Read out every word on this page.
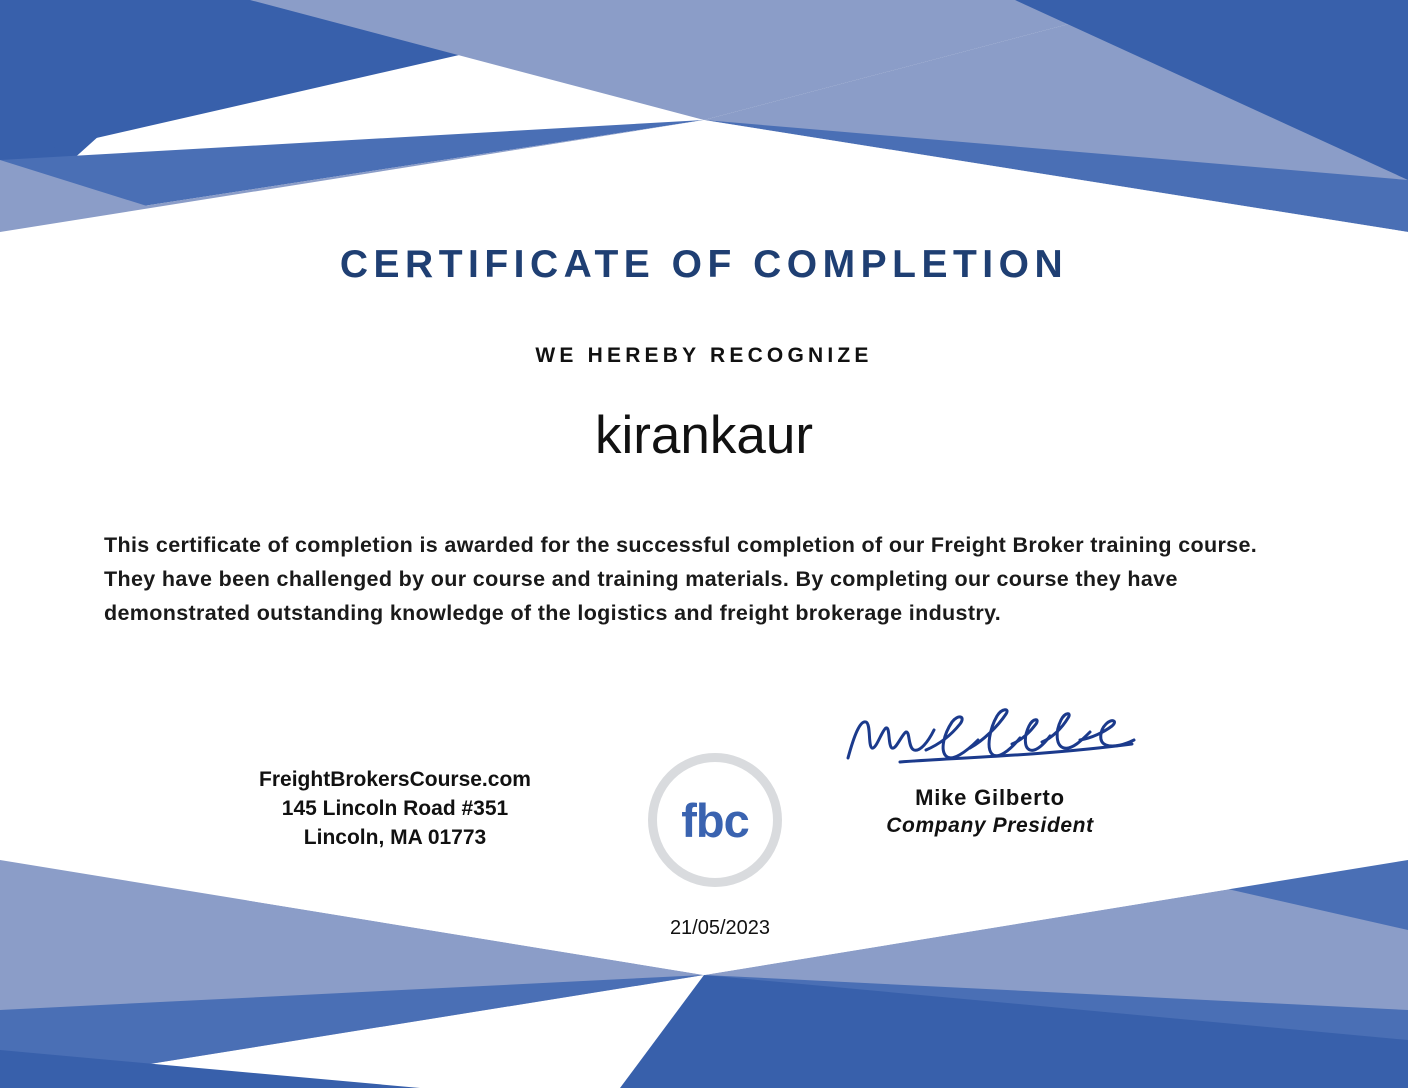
CERTIFICATE OF COMPLETION
WE HEREBY RECOGNIZE
kirankaur
This certificate of completion is awarded for the successful completion of our Freight Broker training course. They have been challenged by our course and training materials. By completing our course they have demonstrated outstanding knowledge of the logistics and freight brokerage industry.
FreightBrokersCourse.com
145 Lincoln Road #351
Lincoln, MA 01773	fbc	Mike Gilberto
Company President
21/05/2023
